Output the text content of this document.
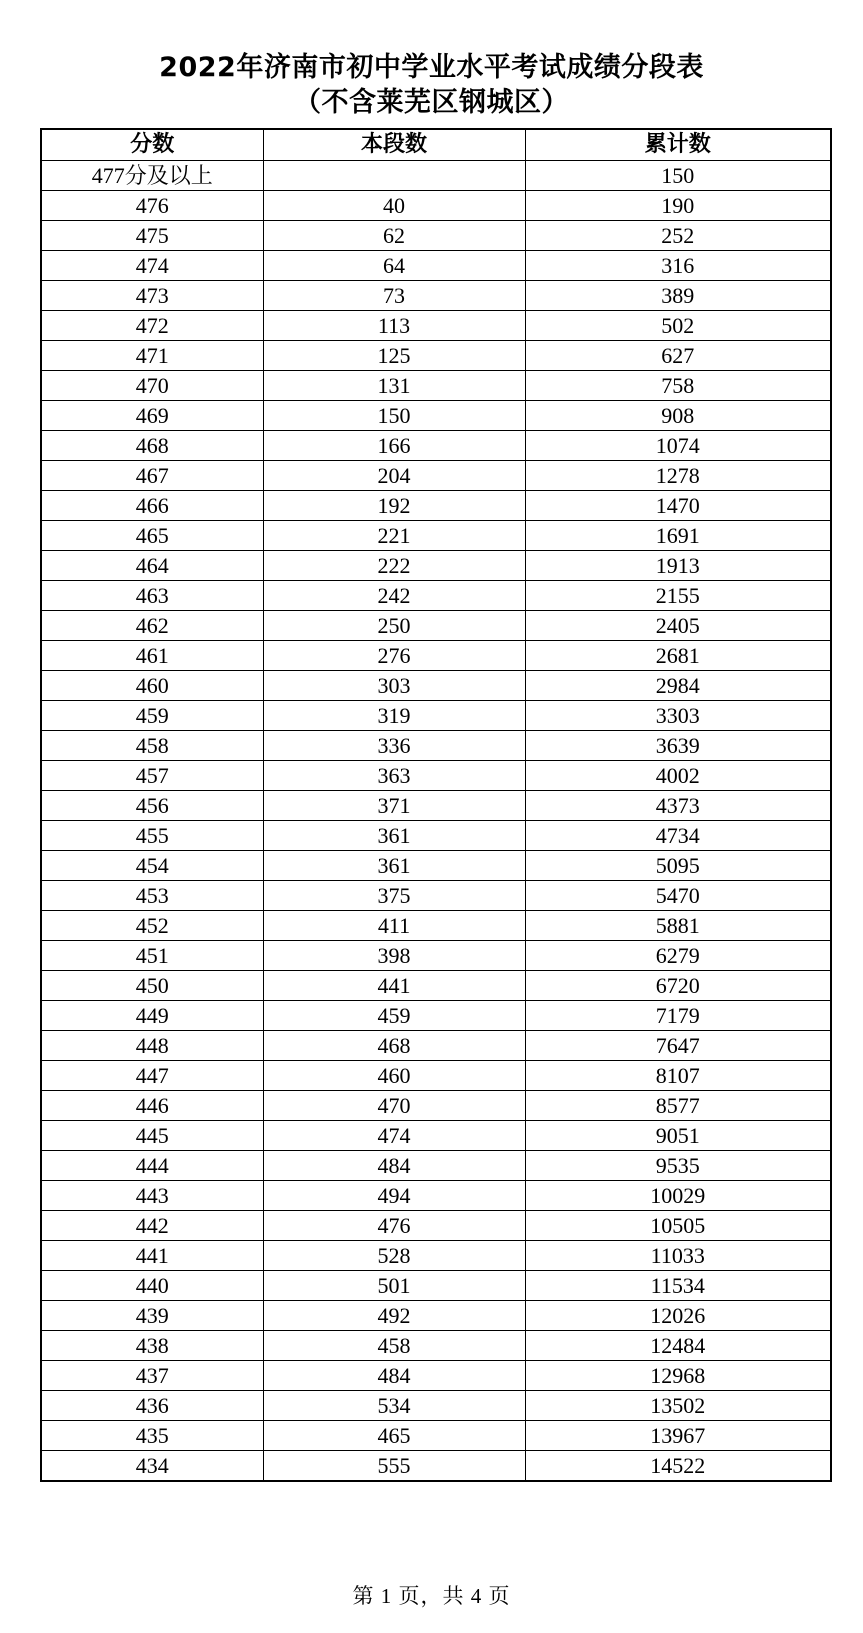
2022年济南市初中学业水平考试成绩分段表
（不含莱芜区钢城区）
分数	本段数	累计数
477分及以上		150
476	40	190
475	62	252
474	64	316
473	73	389
472	113	502
471	125	627
470	131	758
469	150	908
468	166	1074
467	204	1278
466	192	1470
465	221	1691
464	222	1913
463	242	2155
462	250	2405
461	276	2681
460	303	2984
459	319	3303
458	336	3639
457	363	4002
456	371	4373
455	361	4734
454	361	5095
453	375	5470
452	411	5881
451	398	6279
450	441	6720
449	459	7179
448	468	7647
447	460	8107
446	470	8577
445	474	9051
444	484	9535
443	494	10029
442	476	10505
441	528	11033
440	501	11534
439	492	12026
438	458	12484
437	484	12968
436	534	13502
435	465	13967
434	555	14522
第 1 页，共 4 页
